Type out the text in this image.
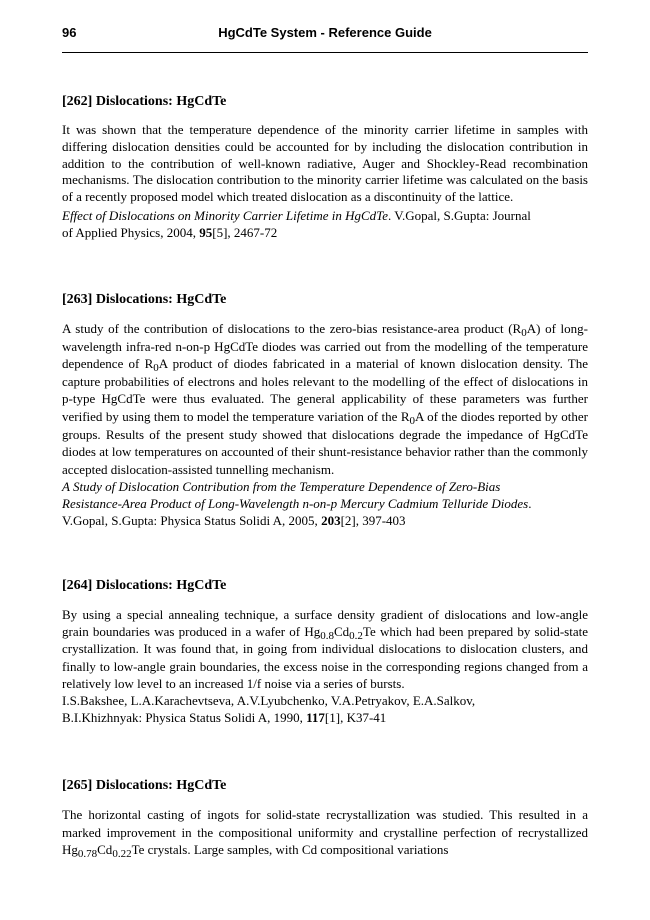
96	HgCdTe System - Reference Guide
[262] Dislocations: HgCdTe

It was shown that the temperature dependence of the minority carrier lifetime in samples with differing dislocation densities could be accounted for by including the dislocation contribution in addition to the contribution of well-known radiative, Auger and Shockley-Read recombination mechanisms. The dislocation contribution to the minority carrier lifetime was calculated on the basis of a recently proposed model which treated dislocation as a discontinuity of the lattice.

Effect of Dislocations on Minority Carrier Lifetime in HgCdTe. V.Gopal, S.Gupta: Journal
of Applied Physics, 2004, 95[5], 2467-72

[263] Dislocations: HgCdTe

A study of the contribution of dislocations to the zero-bias resistance-area product $(R_0A)$ of long-wavelength infra-red n-on-p HgCdTe diodes was carried out from the modelling of the temperature dependence of $R_0A$ product of diodes fabricated in a material of known dislocation density. The capture probabilities of electrons and holes relevant to the modelling of the effect of dislocations in p-type HgCdTe were thus evaluated. The general applicability of these parameters was further verified by using them to model the temperature variation of the $R_0A$ of the diodes reported by other groups. Results of the present study showed that dislocations degrade the impedance of HgCdTe diodes at low temperatures on accounted of their shunt-resistance behavior rather than the commonly accepted dislocation-assisted tunnelling mechanism.

A Study of Dislocation Contribution from the Temperature Dependence of Zero-Bias
Resistance-Area Product of Long-Wavelength n-on-p Mercury Cadmium Telluride Diodes.
V.Gopal, S.Gupta: Physica Status Solidi A, 2005, 203[2], 397-403

[264] Dislocations: HgCdTe

By using a special annealing technique, a surface density gradient of dislocations and low-angle grain boundaries was produced in a wafer of $Hg_{0.8}Cd_{0.2}Te$ which had been prepared by solid-state crystallization. It was found that, in going from individual dislocations to dislocation clusters, and finally to low-angle grain boundaries, the excess noise in the corresponding regions changed from a relatively low level to an increased 1/f noise via a series of bursts.

I.S.Bakshee, L.A.Karachevtseva, A.V.Lyubchenko, V.A.Petryakov, E.A.Salkov,
B.I.Khizhnyak: Physica Status Solidi A, 1990, 117[1], K37-41

[265] Dislocations: HgCdTe

The horizontal casting of ingots for solid-state recrystallization was studied. This resulted in a marked improvement in the compositional uniformity and crystalline perfection of recrystallized $Hg_{0.78}Cd_{0.22}Te$ crystals. Large samples, with Cd compositional variations
